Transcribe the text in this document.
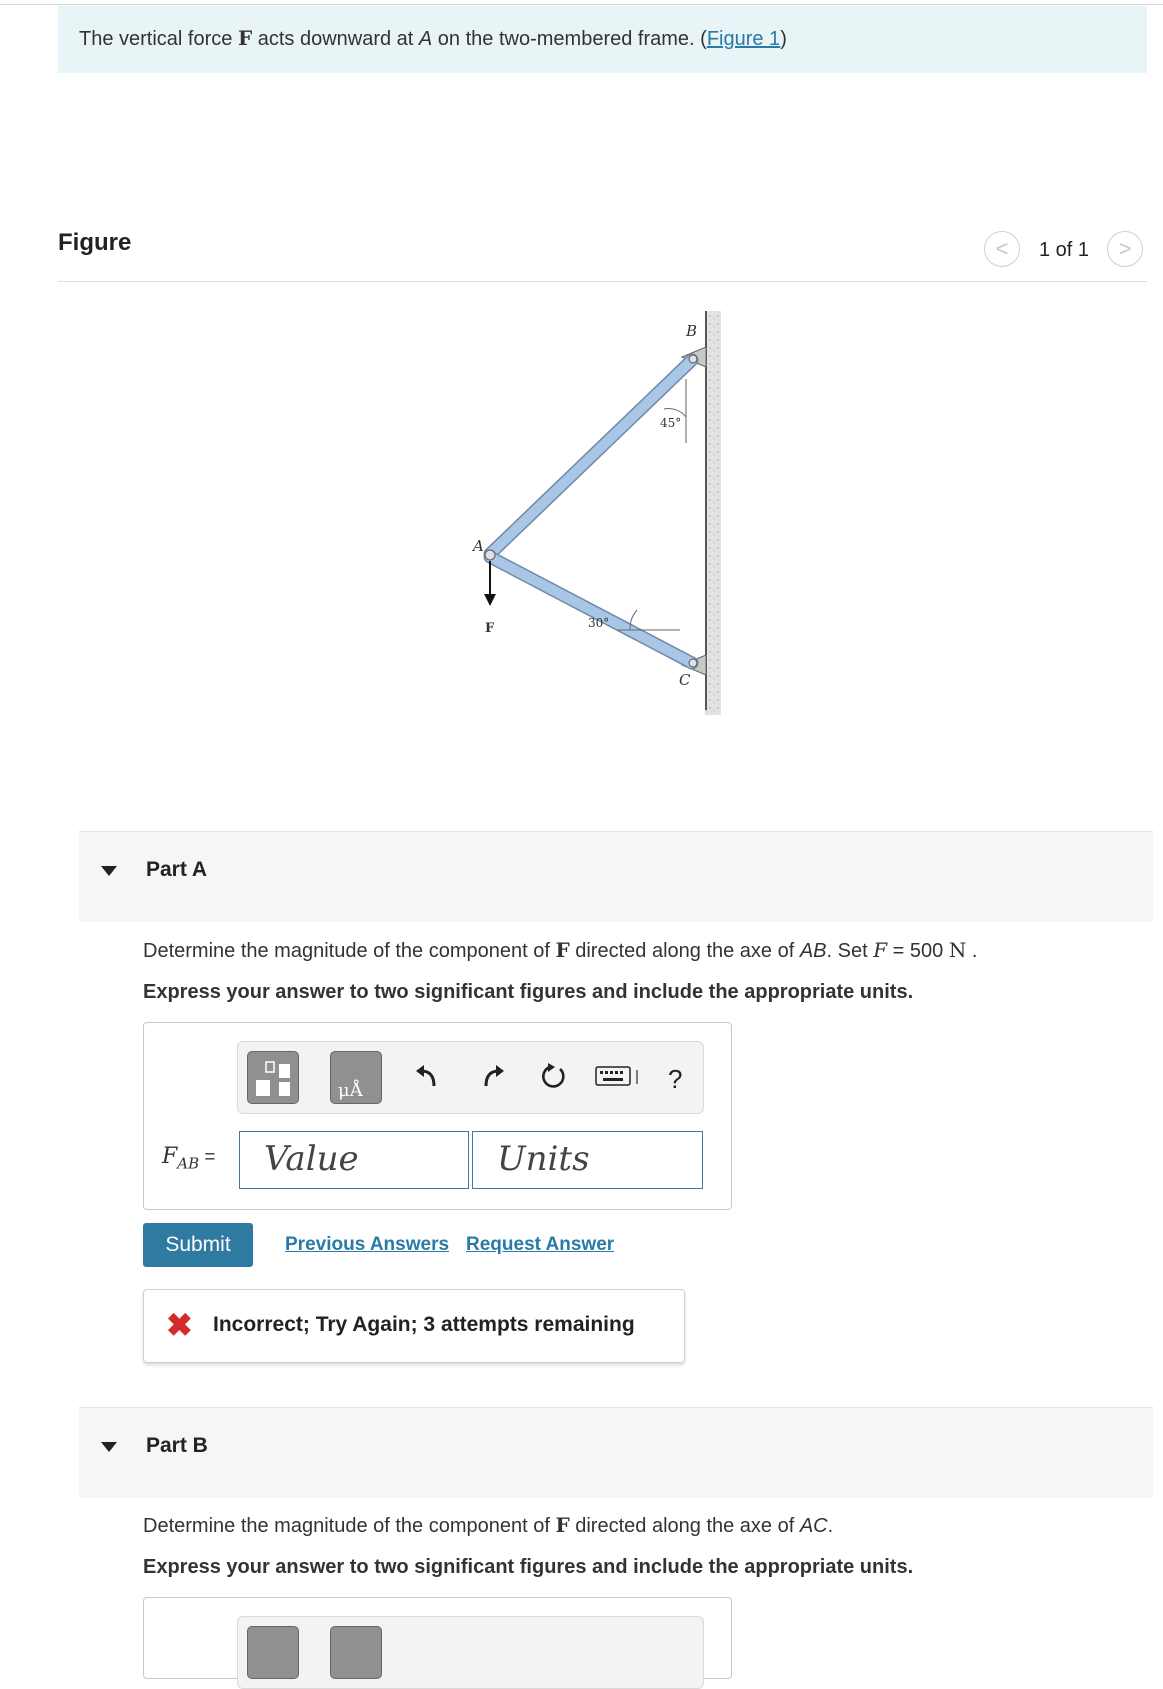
The vertical force F acts downward at A on the two-membered frame. (Figure 1)
Figure	<	1 of 1	>
B
A
C
F
45°
30°
Part A
Determine the magnitude of the component of F directed along the axe of AB. Set F = 500 N .
Express your answer to two significant figures and include the appropriate units.
μÅ	?
$F_{AB}$ =	Value	Units
Submit	Previous Answers Request Answer
✖ Incorrect; Try Again; 3 attempts remaining
Part B
Determine the magnitude of the component of F directed along the axe of AC.
Express your answer to two significant figures and include the appropriate units.
